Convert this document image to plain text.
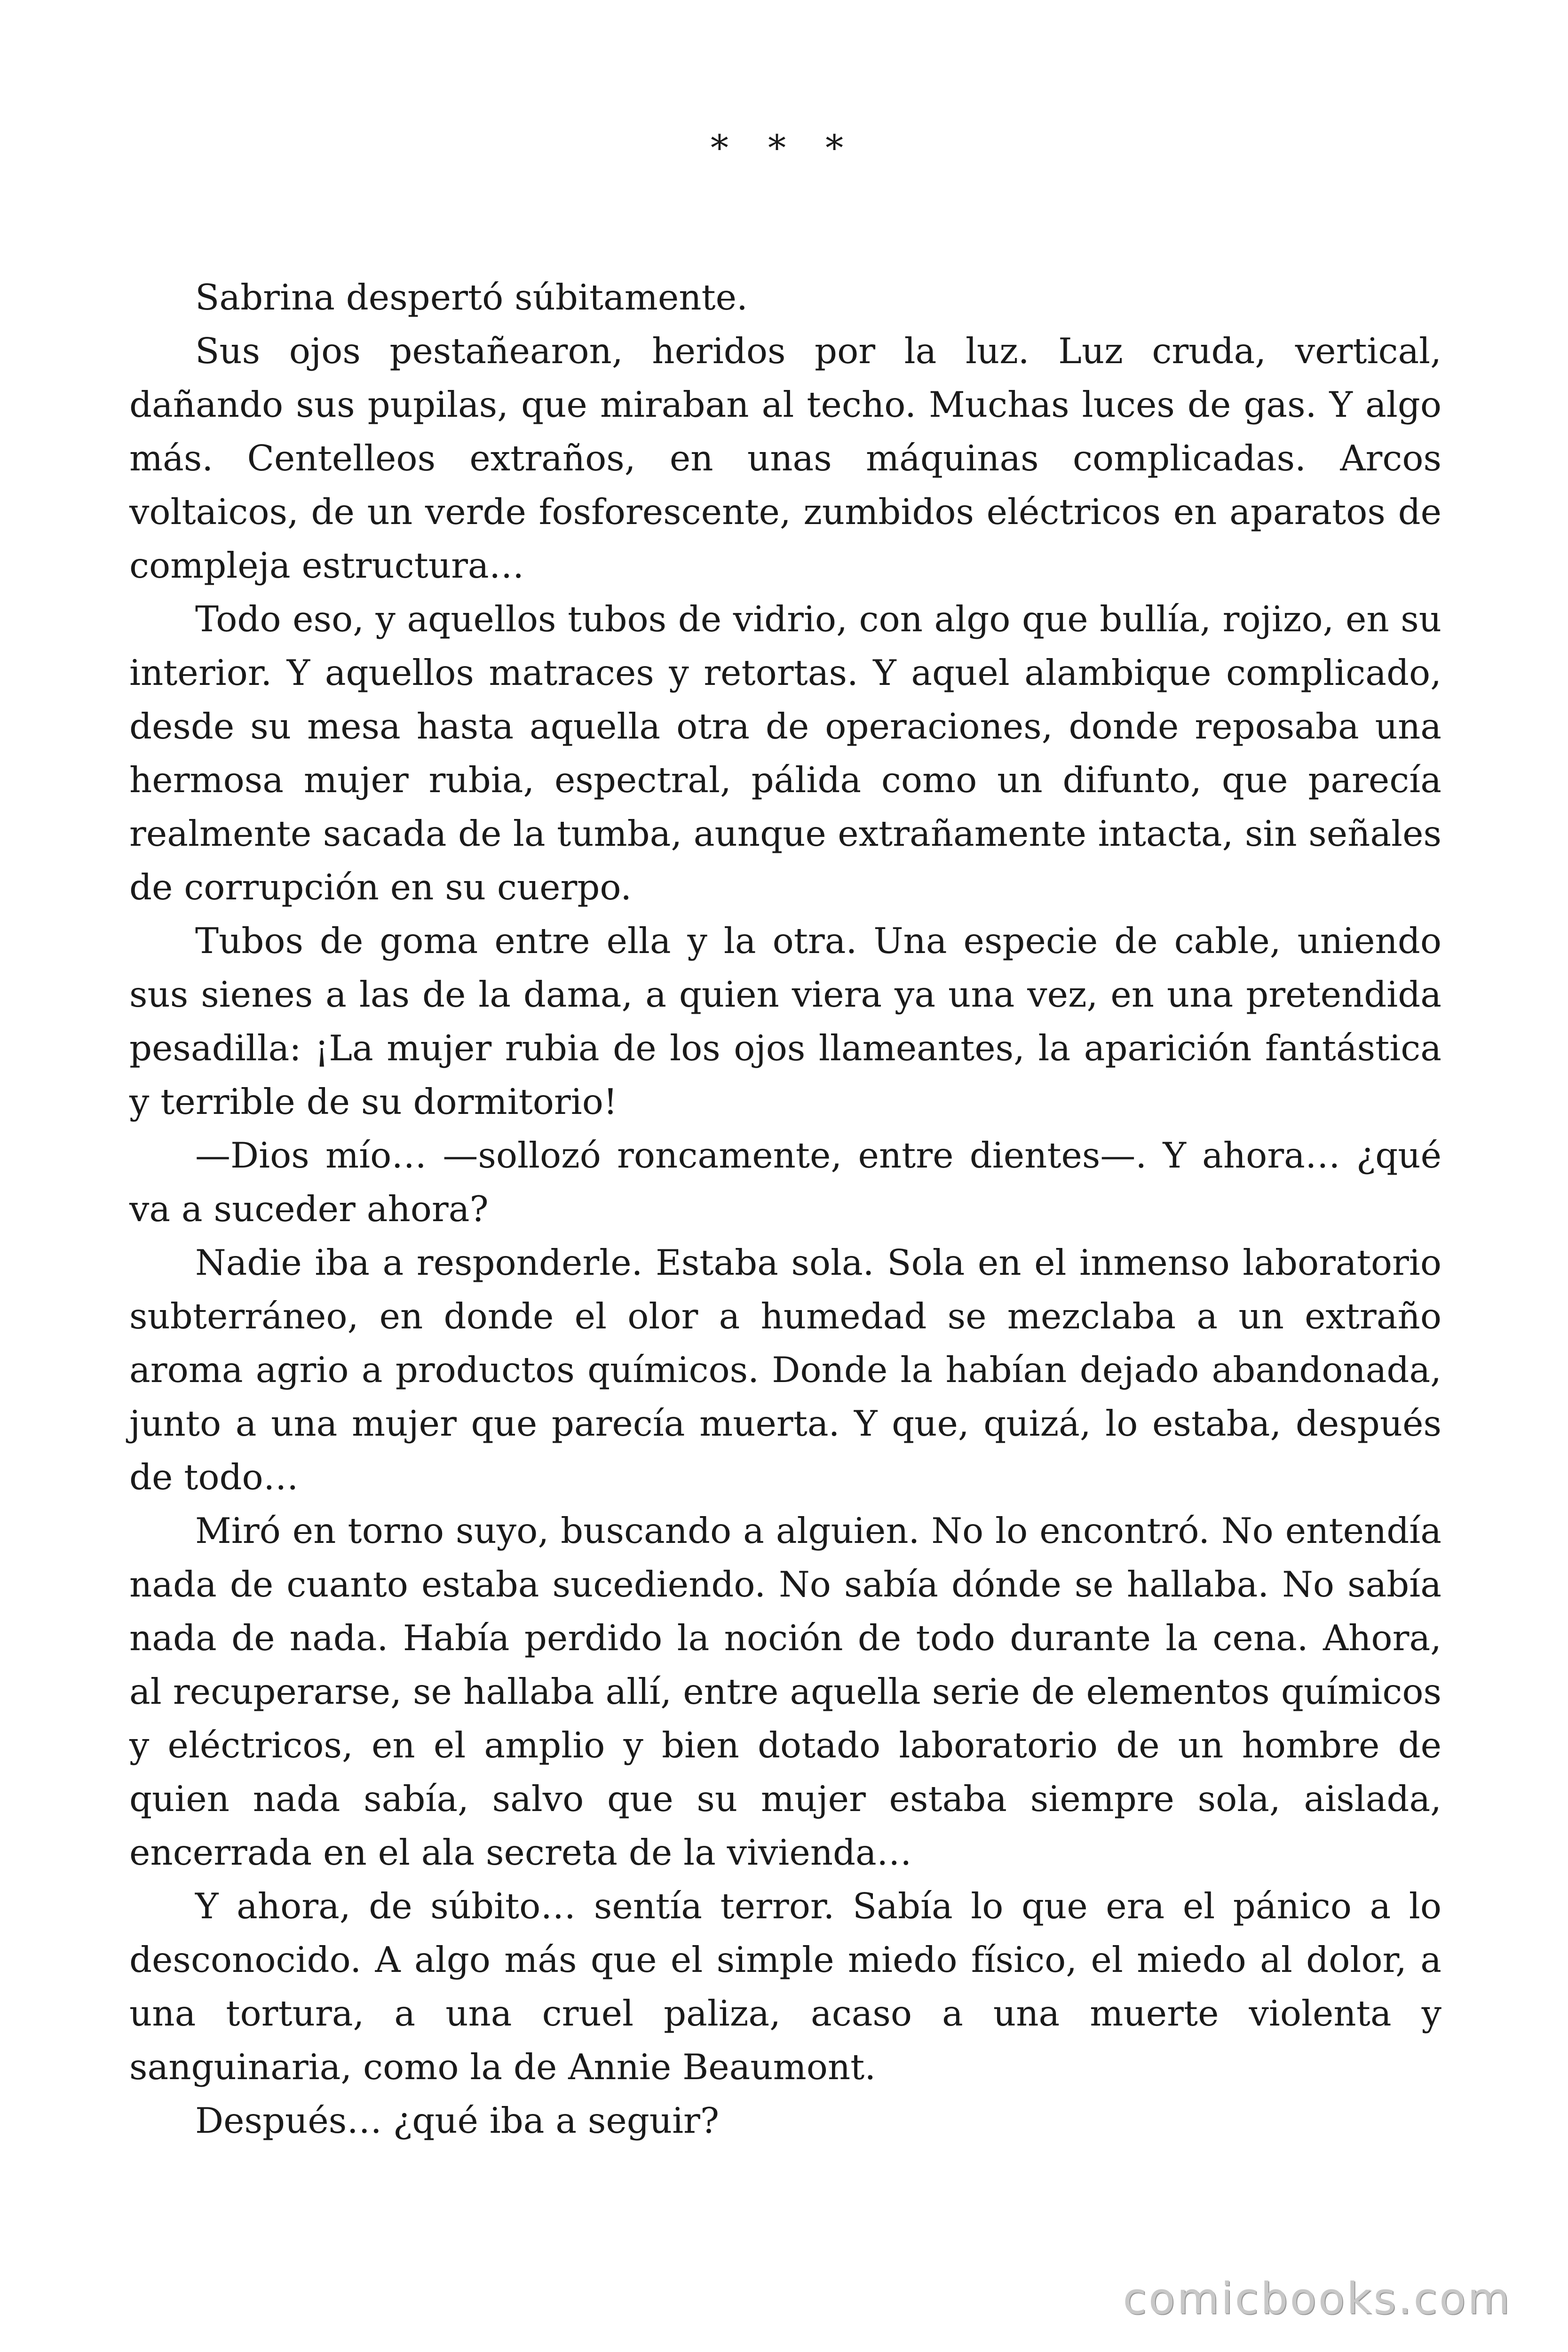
* * *

Sabrina despertó súbitamente.

Sus ojos pestañearon, heridos por la luz. Luz cruda, vertical, dañando sus pupilas, que miraban al techo. Muchas luces de gas. Y algo más. Centelleos extraños, en unas máquinas complicadas. Arcos voltaicos, de un verde fosforescente, zumbidos eléctricos en aparatos de compleja estructura…

Todo eso, y aquellos tubos de vidrio, con algo que bullía, rojizo, en su interior. Y aquellos matraces y retortas. Y aquel alambique complicado, desde su mesa hasta aquella otra de operaciones, donde reposaba una hermosa mujer rubia, espectral, pálida como un difunto, que parecía realmente sacada de la tumba, aunque extrañamente intacta, sin señales de corrupción en su cuerpo.

Tubos de goma entre ella y la otra. Una especie de cable, uniendo sus sienes a las de la dama, a quien viera ya una vez, en una pretendida pesadilla: ¡La mujer rubia de los ojos llameantes, la aparición fantástica y terrible de su dormitorio!

—Dios mío… —sollozó roncamente, entre dientes—. Y ahora… ¿qué va a suceder ahora?

Nadie iba a responderle. Estaba sola. Sola en el inmenso laboratorio subterráneo, en donde el olor a humedad se mezclaba a un extraño aroma agrio a productos químicos. Donde la habían dejado abandonada, junto a una mujer que parecía muerta. Y que, quizá, lo estaba, después de todo…

Miró en torno suyo, buscando a alguien. No lo encontró. No entendía nada de cuanto estaba sucediendo. No sabía dónde se hallaba. No sabía nada de nada. Había perdido la noción de todo durante la cena. Ahora, al recuperarse, se hallaba allí, entre aquella serie de elementos químicos y eléctricos, en el amplio y bien dotado laboratorio de un hombre de quien nada sabía, salvo que su mujer estaba siempre sola, aislada, encerrada en el ala secreta de la vivienda…

Y ahora, de súbito… sentía terror. Sabía lo que era el pánico a lo desconocido. A algo más que el simple miedo físico, el miedo al dolor, a una tortura, a una cruel paliza, acaso a una muerte violenta y sanguinaria, como la de Annie Beaumont.

Después… ¿qué iba a seguir?

comicbooks.com
